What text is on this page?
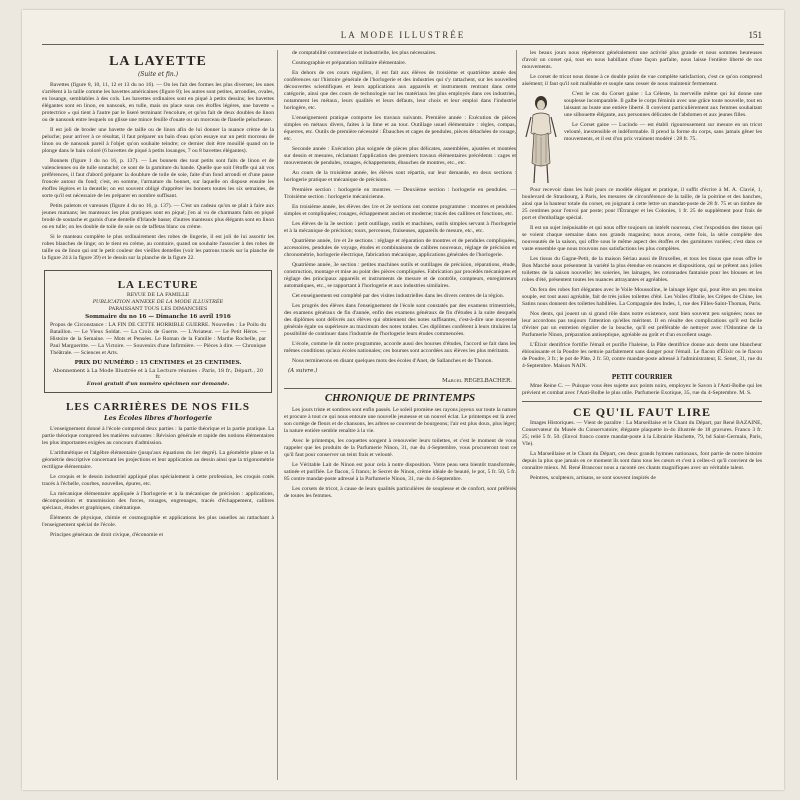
LA MODE ILLUSTRÉE	151
LA LAYETTE
(Suite et fin.)

Bavettes (figure 8, 10, 11, 12 et 13 du no 16). — On les fait des formes les plus diverses; les unes s'arrêtent à la taille comme les bavettes américaines (figure 8); les autres sont petites, arrondies, ovales, en losange, semblables à des cols. Les bavettes ordinaires sont en piqué à petits dessins; les bavettes élégantes sont en linon, en nansouk, en tulle, mais on place sous ces étoffes légères, une bavette « protectrice » qui tient à l'autre par le liseré terminant l'encolure, et qu'on fait de deux doubles de linon ou de nansouk entre lesquels on glisse une mince feuille d'ouate ou un morceau de flanelle pelucheuse.

Il est joli de broder une bavette de taille ou de linon afin de lui donner la nuance crème de la peluche; pour arriver à ce résultat, il faut préparer un bain d'eau qu'on essaye sur un petit morceau de linon ou de nansouk pareil à l'objet qu'on souhaite teindre; ce dernier doit être mouillé quand on le plonge dans le bain coloré (6 bavettes de piqué à petits losanges, 7 ou 8 bavettes élégantes).

Bonnets (figure 1 du no 16, p. 137). — Les bonnets des tout petits sont faits de linon et de valenciennes ou de tulle soutaché; ce sont de la garniture du bande. Quelle que soit l'étoffe qui ait vos préférences, il faut d'abord préparer la doublure de toile de soie, faite d'un fond arrondi et d'une passe froncée autour du fond; c'est, en somme, l'armature du bonnet, sur laquelle on dispose ensuite les étoffes légères et la dentelle; on est souvent obligé d'apprêter les bonnets toutes les six semaines, de sorte qu'il est nécessaire de les préparer en nombre suffisant.

Petits paletots et vareuses (figure 4 du no 16, p. 137). — C'est un cadeau qu'on se plait à faire aux jeunes mamans; les manteaux les plus pratiques sont en piqué; j'en ai vu de charmants faits en piqué brodé de soutache et garnis d'une dentelle d'Irlande basse; d'autres manteaux plus élégants sont en linon ou en tulle; on les double de toile de soie ou de taffetas blanc ou crème.

Si le manteau complète le plus ordinairement des robes de lingerie, il est joli de lui assortir les robes blanches de linge; on le tient en crème, au contraire, quand on souhaite l'associer à des robes de taille ou de linon qui ont le petit couleur des vieilles dentelles (voir les patrons tracés sur la planche de la figure 24 à la figure 39) et le dessin sur la planche de la figure 22.

LA LECTURE
REVUE DE LA FAMILLE
PUBLICATION ANNEXE DE LA MODE ILLUSTRÉE
PARAISSANT TOUS LES DIMANCHES
Sommaire du no 16 — Dimanche 16 avril 1916

Propos de Circonstance : LA FIN DE CETTE HORRIBLE GUERRE. Nouvelles : Le Poilu du Bataillon. — Le Vieux Soldat. — La Croix de Guerre. — L'Aviateur. — Le Petit Héros. — Histoire de la Semaine. — Mots et Pensées. Le Roman de la Famille : Marthe Rochelle, par Paul Margueritte. — La Victoire. — Souvenirs d'une Infirmière. — Pièces à dire. — Chronique Théâtrale. — Sciences et Arts.

PRIX DU NUMÉRO : 15 CENTIMES et 25 CENTIMES.
Abonnement à La Mode Illustrée et à La Lecture réunies : Paris, 18 fr.; Départ., 20 fr.
Envoi gratuit d'un numéro spécimen sur demande.
LES CARRIÈRES DE NOS FILS
Les Écoles libres d'horlogerie

L'enseignement donné à l'école comprend deux parties : la partie théorique et la partie pratique. La partie théorique comprend les matières suivantes : Révision générale et rapide des notions élémentaires les plus importantes exigées au concours d'admission.

L'arithmétique et l'algèbre élémentaire (jusqu'aux équations du 1er degré). La géométrie plane et la géométrie descriptive concernant les projections et leur application au dessin ainsi que la trigonométrie rectiligne élémentaire.

Le croquis et le dessin industriel appliqué plus spécialement à cette profession, les croquis cotés tracés à l'échelle, courbes, nouvelles, épures, etc.

La mécanique élémentaire appliquée à l'horlogerie et à la mécanique de précision : applications, décomposition et transmission des forces, rouages, engrenages, tracés d'échappement, calibres spéciaux, études et graphiques, cinématique.

Éléments de physique, chimie et cosmographie et applications les plus usuelles au rattachant à l'enseignement spécial de l'école.

Principes généraux de droit civique, d'économie et

de comptabilité commerciale et industrielle, les plus nécessaires.

Cosmographie et préparation militaire élémentaire.

En dehors de ces cours réguliers, il est fait aux élèves de troisième et quatrième année des conférences sur l'histoire générale de l'horlogerie et des industries qui s'y rattachent, sur les nouvelles découvertes scientifiques et leurs applications aux appareils et instruments rentrant dans cette catégorie, ainsi que des cours de technologie sur les matériaux les plus employés dans ces industries, notamment les métaux, leurs qualités et leurs défauts, leur choix et leur emploi dans l'industrie horlogère, etc.

L'enseignement pratique comporte les travaux suivants. Première année : Exécution de pièces simples en métaux divers, faites à la lime et au tour. Outillage usuel élémentaire : règles, compas, équerres, etc. Outils de première nécessité : Ébauches et cages de pendules, pièces détachées de rouage, etc.

Seconde année : Exécution plus soignée de pièces plus délicates, assemblées, ajustées et montées sur dessin et mesures, réclamant l'application des premiers travaux élémentaires précédents : cages et mouvements de pendules, rouages, échappements, ébauches de montres, etc., etc.

Au cours de la troisième année, les élèves sont répartis, sur leur demande, en deux sections : horlogerie pratique et mécanique de précision.

Première section : horlogerie en montres. — Deuxième section : horlogerie en pendules. — Troisième section : horlogerie mécanicienne.

En troisième année, les élèves des 1re et 2e sections ont comme programme : montres et pendules simples et compliquées; rouages, échappement ancien et moderne; tracés des calibres et fonctions, etc.

Les élèves de la 3e section : petit outillage, outils et machines, outils simples servant à l'horlogerie et à la mécanique de précision; tours, perceuses, fraiseuses, appareils de mesure, etc., etc.

Quatrième année, 1re et 2e sections : réglage et réparation de montres et de pendules compliquées, accessoires, pendules de voyage, études et combinaisons de calibres nouveaux, réglage de précision et chronométrie, horlogerie électrique, fabrication mécanique, applications générales de l'horlogerie.

Quatrième année, 3e section : petites machines outils et outillages de précision, réparations, étude, construction, montage et mise au point des pièces compliquées. Fabrication par procédés mécaniques et réglage des principaux appareils et instruments de mesure et de contrôle, compteurs, enregistreurs automatiques, etc., se rapportant à l'horlogerie et aux industries similaires.

Cet enseignement est complété par des visites industrielles dans les divers centres de la région.

Les progrès des élèves dans l'enseignement de l'école sont constatés par des examens trimestriels, des examens généraux de fin d'année, enfin des examens généraux de fin d'études à la suite desquels des diplômes sont délivrés aux élèves qui obtiennent des notes suffisantes, c'est-à-dire une moyenne générale égale ou supérieure au maximum des notes totales. Ces diplômes confèrent à leurs titulaires la possibilité de continuer dans l'industrie de l'horlogerie leurs études commencées.

L'école, comme le dit notre programme, accorde aussi des bourses d'études, l'accord se fait dans les mêmes conditions qu'aux écoles nationales; ces bourses sont accordées aux élèves les plus méritants.

Nous terminerons en disant quelques mots des écoles d'Anet, de Sallanches et de Thonon.

(A suivre.)
Marcel REGELBACHER.
CHRONIQUE DE PRINTEMPS

Les jours triste et sombres sont enfin passés. Le soleil promène ses rayons joyeux sur toute la nature et procure à tout ce qui nous entoure une nouvelle jeunesse et un nouvel éclat. Le printemps est là avec son cortège de fleurs et de chansons, les arbres se couvrent de bourgeons; l'air est plus doux, plus léger; la nature entière semble renaître à la vie.

Avec le printemps, les coquettes songent à renouveler leurs toilettes, et c'est le moment de vous rappeler que les produits de la Parfumerie Ninon, 31, rue du 4-Septembre, vous procureront tout ce qu'il faut pour conserver un teint frais et velouté.

Le Véritable Lait de Ninon est pour cela à notre disposition. Votre peau sera bientôt transformée, satinée et purifiée. Le flacon, 5 francs; le Secret de Ninon, crème idéale de beauté, le pot, 5 fr. 50, 5 fr. 85 contre mandat-poste adressé à la Parfumerie Ninon, 31, rue du 4-Septembre.

Les corsets de tricot, à cause de leurs qualités particulières de souplesse et de confort, sont préférés de toutes les femmes.

les beaux jours nous répéteront généralement une activité plus grande et nous sommes heureuses d'avoir un corset qui, tout en nous habillant d'une façon parfaite, nous laisse l'entière liberté de nos mouvements.

Le corset de tricot nous donne à ce double point de vue complète satisfaction, c'est ce qu'on comprend aisément; il faut qu'il soit malléable et souple sans cesser de nous maintenir fermement.

C'est le cas du Corset gaine : La Céleste, la merveille même qui lui donne une souplesse incomparable. Il galbe le corps féminin avec une grâce toute nouvelle, tout en laissant au buste une entière liberté. Il convient particulièrement aux femmes souhaitant une silhouette élégante, aux personnes délicates de l'abdomen et aux jeunes filles.

Le Corset gaine — Lucindo — est établi rigoureusement sur mesure en un tricot velouté, inextensible et indéformable. Il prend la forme du corps, sans jamais gêner les mouvements, et il est d'un prix vraiment modéré : 28 fr. 75.

Pour recevoir dans les huit jours ce modèle élégant et pratique, il suffit d'écrire à M. A. Clavié, 1, boulevard de Strasbourg, à Paris, les mesures de circonférence de la taille, de la poitrine et des hanches, ainsi que la hauteur totale du corset, en joignant à cette lettre un mandat-poste de 28 fr. 75 et un timbre de 25 centimes pour l'envoi par poste; pour l'Étranger et les Colonies, 1 fr. 25 de supplément pour frais de port et d'emballage spécial.

Il est un sujet inépuisable et qui nous offre toujours un intérêt nouveau, c'est l'exposition des tissus qui se voient chaque semaine dans nos grands magasins; nous avons, cette fois, la série complète des nouveautés de la saison, qui offre sous le même aspect des étoffes et des garnitures variées; c'est dans ce vaste ensemble que nous trouvons nos satisfactions les plus complètes.

Les tissus du Gagne-Petit, de la maison Sériau aussi de Bruxelles, et tous les tissus que nous offre le Bon Marché nous présentent la variété la plus étendue en nuances et dispositions, qui se prêtent aux jolies toilettes de la saison nouvelle; les soieries, les lainages, les cotonnades fantaisie pour les blouses et les robes d'été, présentent toutes les nuances attrayantes et agréables.

On fera des robes fort élégantes avec le Voile Moussoline, le lainage léger qui, pour être un peu moins souple, est tout aussi agréable, fait de très jolies toilettes d'été. Les Voiles d'Italie, les Crêpes de Chine, les Satins nous donnent des toilettes habillées. La Compagnie des Indes, 1, rue des Filles-Saint-Thomas, Paris.

Nos dents, qui jouent un si grand rôle dans notre existence, sont bien souvent peu soignées; nous ne leur accordons pas toujours l'attention qu'elles méritent. Il en résulte des complications qu'il est facile d'éviter par un entretien régulier de la bouche, qu'il est préférable de nettoyer avec l'Odontine de la Parfumerie Ninon, préparation antiseptique, agréable au goût et d'un excellent usage.

L'Élixir dentifrice fortifie l'émail et purifie l'haleine, la Pâte dentifrice donne aux dents une blancheur éblouissante et la Poudre les nettoie parfaitement sans danger pour l'émail. Le flacon d'Élixir ou le flacon de Poudre, 3 fr.; le pot de Pâte, 2 fr. 50, contre mandat-poste adressé à l'administrateur, E. Senet, 31, rue du 4-Septembre. Maison NAIN.

PETIT COURRIER

Mme Reine C. — Puisque vous êtes sujette aux points noirs, employez le Savon à l'Anti-Bolbe qui les prévient et combat avec l'Anti-Bolbe le plus utile. Parfumerie Exotique, 35, rue du 4-Septembre. M. S.

CE QU'IL FAUT LIRE

Images Historiques. — Vient de paraître : La Marseillaise et le Chant du Départ, par René BAZAINE, Conservateur du Musée du Conservatoire; élégante plaquette in-4o illustrée de 18 gravures. Franco 3 fr. 25; relié 5 fr. 50. (Envoi franco contre mandat-poste à la Librairie Hachette, 79, bd Saint-Germain, Paris, VIe).

La Marseillaise et le Chant du Départ, ces deux grands hymnes nationaux, font partie de notre histoire depuis la plus que jamais en ce moment ils sont dans tous les cœurs et c'est à celles-ci qu'il convient de les connaître mieux. M. René Brancour nous a raconté ces chants magnifiques avec un véritable talent.

Peintres, sculpteurs, artisans, se sont souvent inspirés de
